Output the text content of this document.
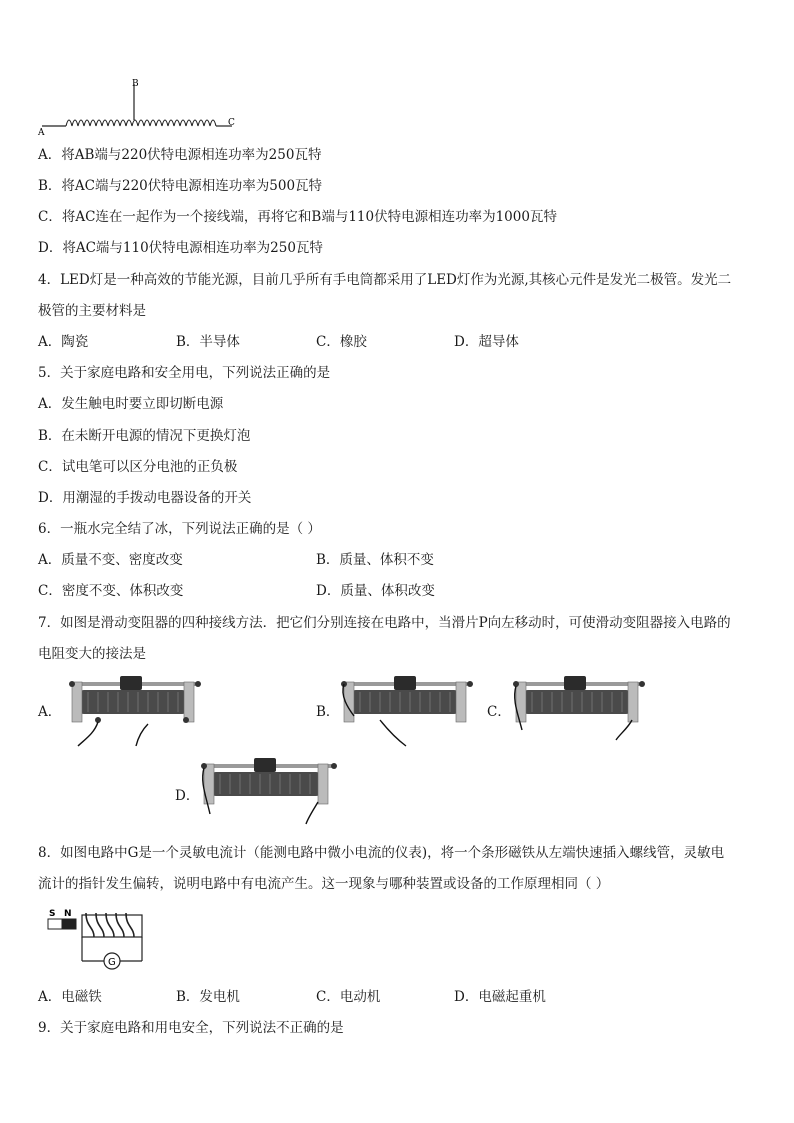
A
B
C
A．将AB端与220伏特电源相连功率为250瓦特
B．将AC端与220伏特电源相连功率为500瓦特
C．将AC连在一起作为一个接线端，再将它和B端与110伏特电源相连功率为1000瓦特
D．将AC端与110伏特电源相连功率为250瓦特
4．LED灯是一种高效的节能光源，目前几乎所有手电筒都采用了LED灯作为光源,其核心元件是发光二极管。发光二
极管的主要材料是
A．陶瓷	B．半导体	C．橡胶	D．超导体
5．关于家庭电路和安全用电，下列说法正确的是
A．发生触电时要立即切断电源
B．在未断开电源的情况下更换灯泡
C．试电笔可以区分电池的正负极
D．用潮湿的手拨动电器设备的开关
6．一瓶水完全结了冰，下列说法正确的是（ ）
A．质量不变、密度改变	B．质量、体积不变
C．密度不变、体积改变	D．质量、体积改变
7．如图是滑动变阻器的四种接线方法．把它们分别连接在电路中，当滑片P向左移动时，可使滑动变阻器接入电路的
电阻变大的接法是
A．	B．	C．
D．
8．如图电路中G是一个灵敏电流计（能测电路中微小电流的仪表)，将一个条形磁铁从左端快速插入螺线管，灵敏电
流计的指针发生偏转，说明电路中有电流产生。这一现象与哪种装置或设备的工作原理相同（ ）
S N
G
A．电磁铁	B．发电机	C．电动机	D．电磁起重机
9．关于家庭电路和用电安全，下列说法不正确的是
